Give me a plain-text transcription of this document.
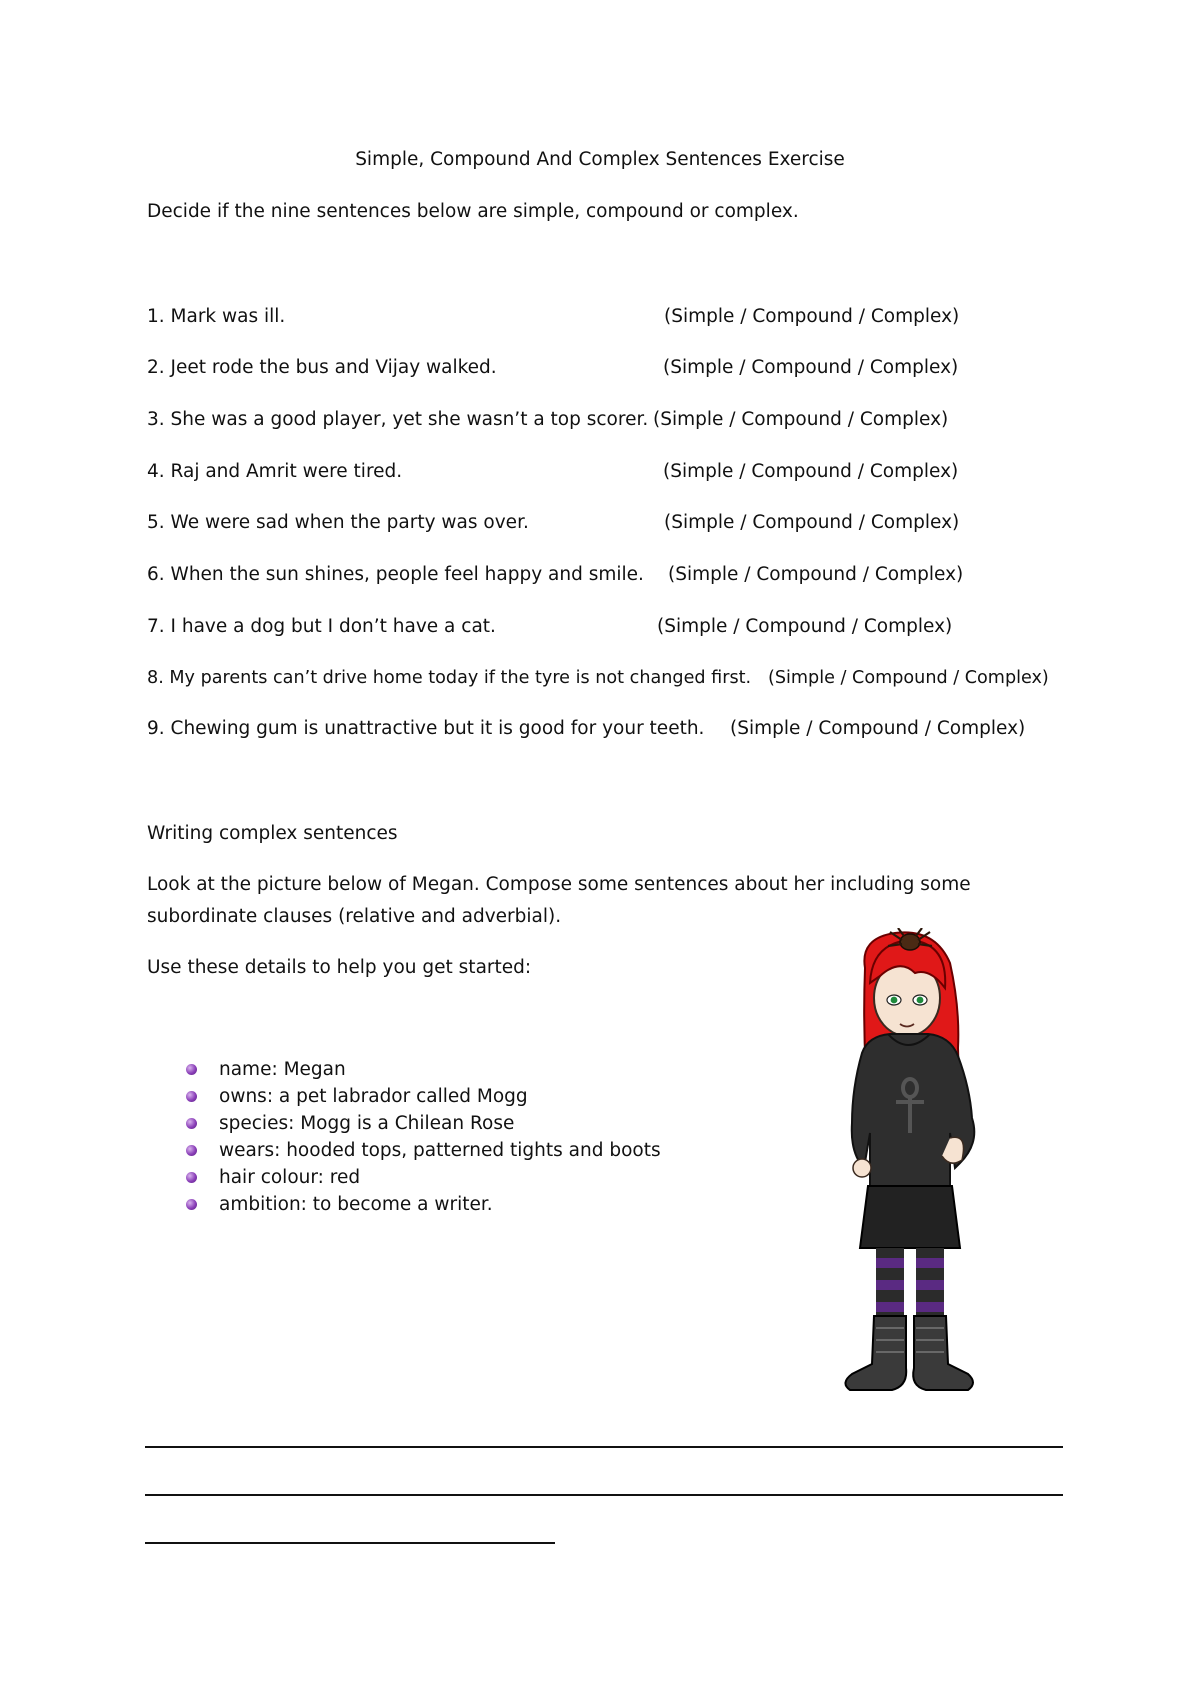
Simple, Compound And Complex Sentences Exercise
Decide if the nine sentences below are simple, compound or complex.
1. Mark was ill.	(Simple / Compound / Complex)
2. Jeet rode the bus and Vijay walked.	(Simple / Compound / Complex)
3. She was a good player, yet she wasn’t a top scorer. (Simple / Compound / Complex)
4. Raj and Amrit were tired.	(Simple / Compound / Complex)
5. We were sad when the party was over.	(Simple / Compound / Complex)
6. When the sun shines, people feel happy and smile. (Simple / Compound / Complex)
7. I have a dog but I don’t have a cat.	(Simple / Compound / Complex)
8. My parents can’t drive home today if the tyre is not changed first. (Simple / Compound / Complex)
9. Chewing gum is unattractive but it is good for your teeth. (Simple / Compound / Complex)
Writing complex sentences
Look at the picture below of Megan. Compose some sentences about her including some
subordinate clauses (relative and adverbial).
Use these details to help you get started:
name: Megan
owns: a pet labrador called Mogg
species: Mogg is a Chilean Rose
wears: hooded tops, patterned tights and boots
hair colour: red
ambition: to become a writer.
